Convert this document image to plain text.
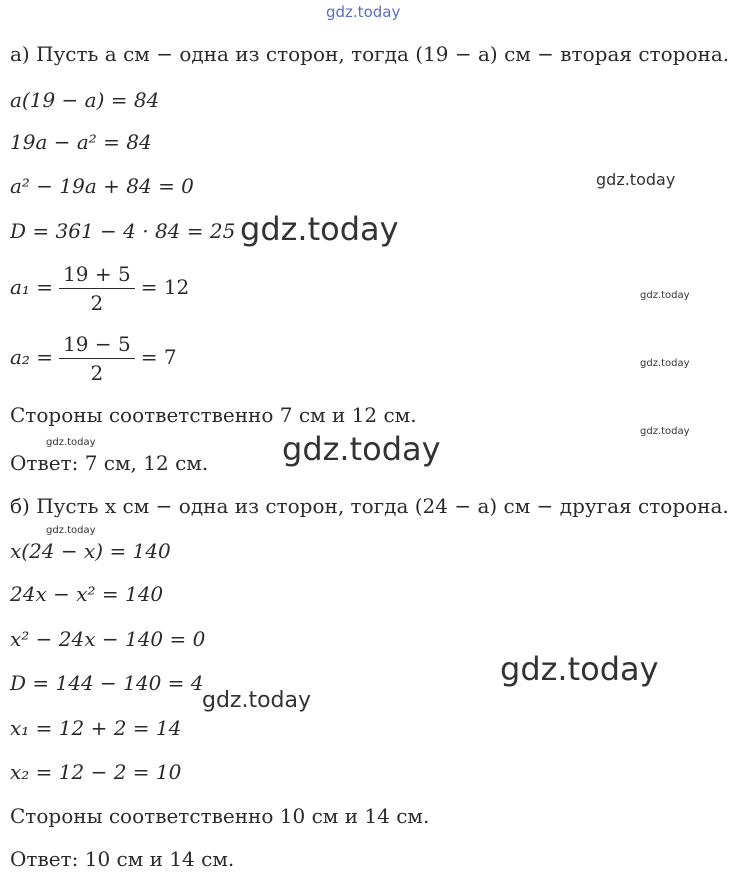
gdz.today
gdz.today
gdz.today
gdz.today
gdz.today
gdz.today
gdz.today	gdz.today
gdz.today
gdz.today
gdz.today
а) Пусть a см − одна из сторон, тогда (19 − a) см − вторая сторона.
a(19 − a) = 84
19a − a² = 84
a² − 19a + 84 = 0
D = 361 − 4 · 84 = 25
$a_1 = \frac{19 + 5}{2} = 12$
$a_2 = \frac{19 - 5}{2} = 7$
Стороны соответственно 7 см и 12 см.
Ответ: 7 см, 12 см.
б) Пусть x см − одна из сторон, тогда (24 − a) см − другая сторона.
x(24 − x) = 140
24x − x² = 140
x² − 24x − 140 = 0
D = 144 − 140 = 4
x₁ = 12 + 2 = 14
x₂ = 12 − 2 = 10
Стороны соответственно 10 см и 14 см.
Ответ: 10 см и 14 см.
